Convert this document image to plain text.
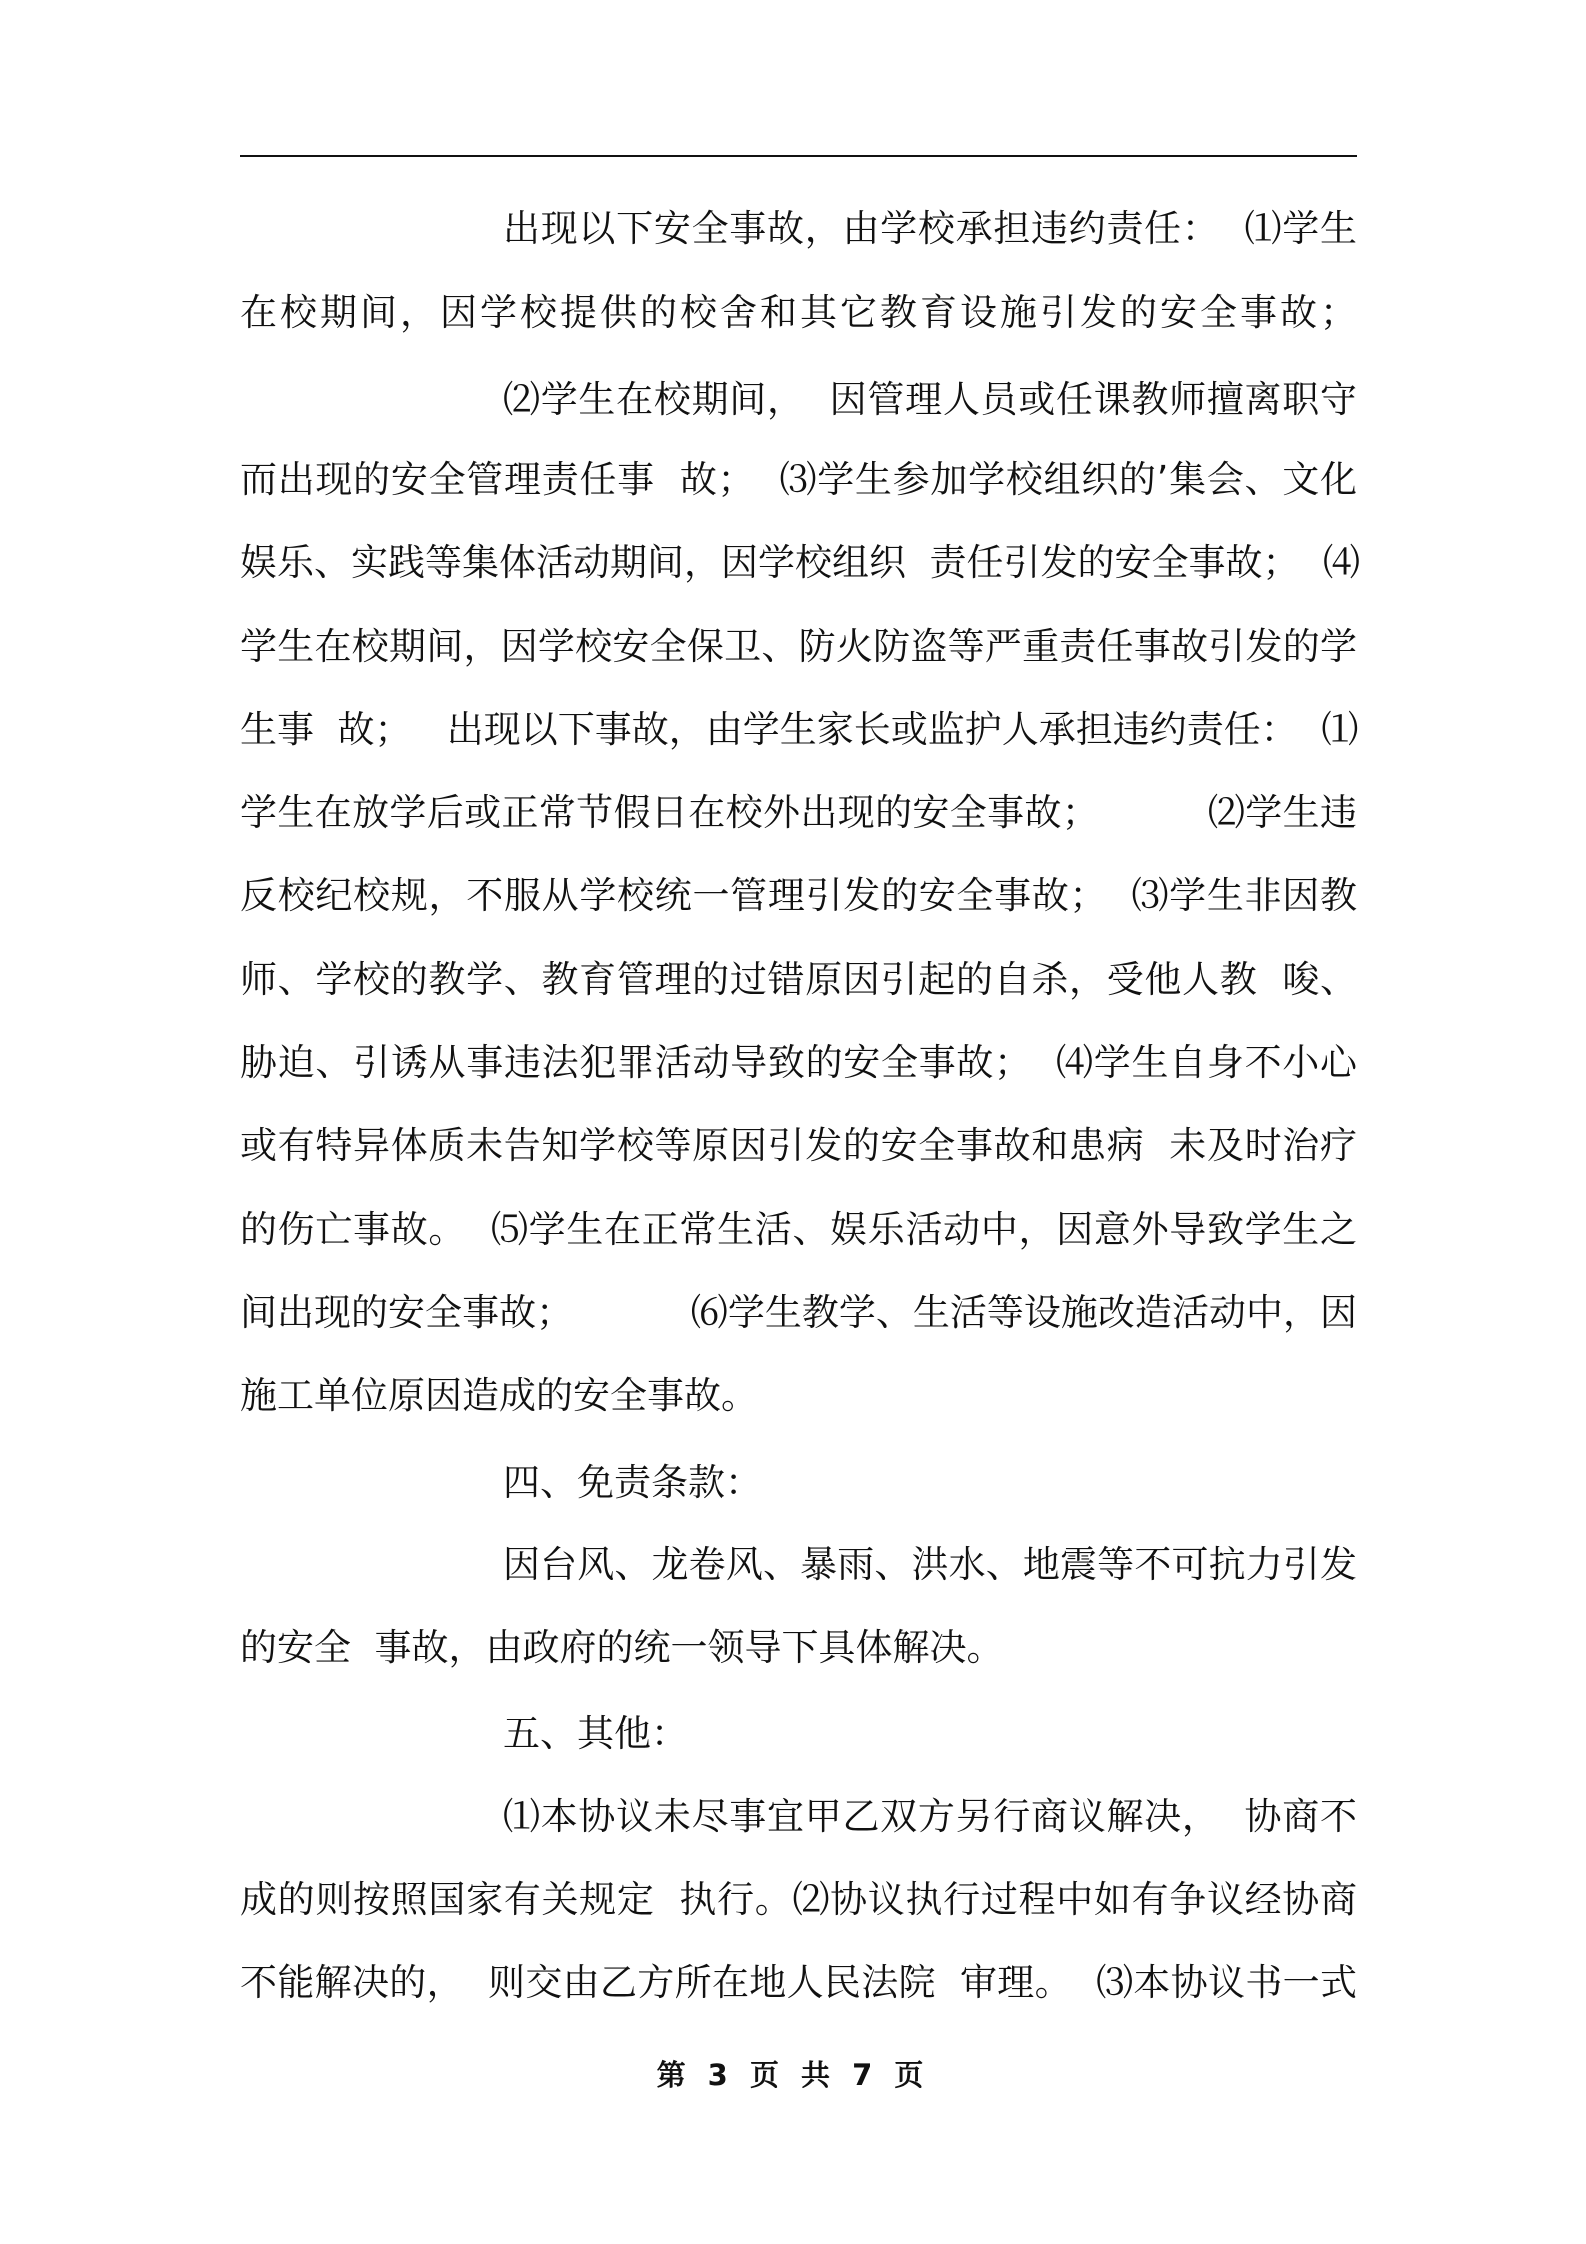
出现以下安全事故，由学校承担违约责任：  ⑴学生
在校期间，因学校提供的校舍和其它教育设施引发的安全事故；
⑵学生在校期间，  因管理人员或任课教师擅离职守
而出现的安全管理责任事  故；  ⑶学生参加学校组织的’集会、文化
娱乐、实践等集体活动期间，因学校组织  责任引发的安全事故；  ⑷
学生在校期间，因学校安全保卫、防火防盗等严重责任事故引发的学
生事  故；   出现以下事故，由学生家长或监护人承担违约责任：  ⑴
学生在放学后或正常节假日在校外出现的安全事故；         ⑵学生违
反校纪校规，不服从学校统一管理引发的安全事故；  ⑶学生非因教
师、学校的教学、教育管理的过错原因引起的自杀，受他人教  唆、
胁迫、引诱从事违法犯罪活动导致的安全事故；  ⑷学生自身不小心
或有特异体质未告知学校等原因引发的安全事故和患病  未及时治疗
的伤亡事故。  ⑸学生在正常生活、娱乐活动中，因意外导致学生之
间出现的安全事故；          ⑹学生教学、生活等设施改造活动中，因
施工单位原因造成的安全事故。
四、免责条款：
因台风、龙卷风、暴雨、洪水、地震等不可抗力引发
的安全  事故，由政府的统一领导下具体解决。
五、其他：
⑴本协议未尽事宜甲乙双方另行商议解决，  协商不
成的则按照国家有关规定  执行。⑵协议执行过程中如有争议经协商
不能解决的，  则交由乙方所在地人民法院  审理。  ⑶本协议书一式
第 3 页 共 7 页
